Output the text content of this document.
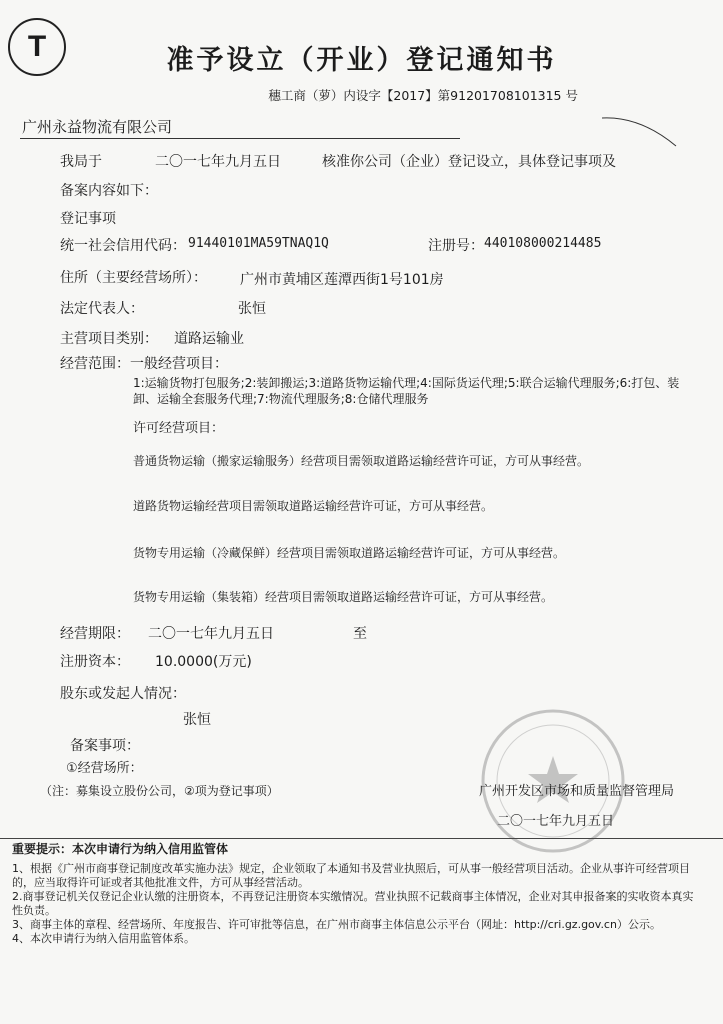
T	准予设立（开业）登记通知书
穗工商（萝）内设字【2017】第91201708101315 号
广州永益物流有限公司
我局于	二〇一七年九月五日	核准你公司（企业）登记设立，具体登记事项及
备案内容如下：
登记事项
统一社会信用代码： 91440101MA59TNAQ1Q	注册号： 440108000214485
住所（主要经营场所）： 广州市黄埔区莲潭西街1号101房
法定代表人：	张恒
主营项目类别： 道路运输业
经营范围：一般经营项目：
1:运输货物打包服务;2:装卸搬运;3:道路货物运输代理;4:国际货运代理;5:联合运输代理服务;6:打包、装卸、运输全套服务代理;7:物流代理服务;8:仓储代理服务
许可经营项目：
普通货物运输（搬家运输服务）经营项目需领取道路运输经营许可证，方可从事经营。
道路货物运输经营项目需领取道路运输经营许可证，方可从事经营。
货物专用运输（冷藏保鲜）经营项目需领取道路运输经营许可证，方可从事经营。
货物专用运输（集装箱）经营项目需领取道路运输经营许可证，方可从事经营。
经营期限： 二〇一七年九月五日	至
注册资本： 10.0000(万元)
股东或发起人情况：
张恒
备案事项：
①经营场所：
（注：募集设立股份公司，②项为登记事项）	广州开发区市场和质量监督管理局
二〇一七年九月五日
重要提示：本次申请行为纳入信用监管体

1、根据《广州市商事登记制度改革实施办法》规定，企业领取了本通知书及营业执照后，可从事一般经营项目活动。企业从事许可经营项目的，应当取得许可证或者其他批准文件，方可从事经营活动。

2.商事登记机关仅登记企业认缴的注册资本，不再登记注册资本实缴情况。营业执照不记载商事主体情况，企业对其申报备案的实收资本真实性负责。

3、商事主体的章程、经营场所、年度报告、许可审批等信息，在广州市商事主体信息公示平台（网址：http://cri.gz.gov.cn）公示。

4、本次申请行为纳入信用监管体系。
